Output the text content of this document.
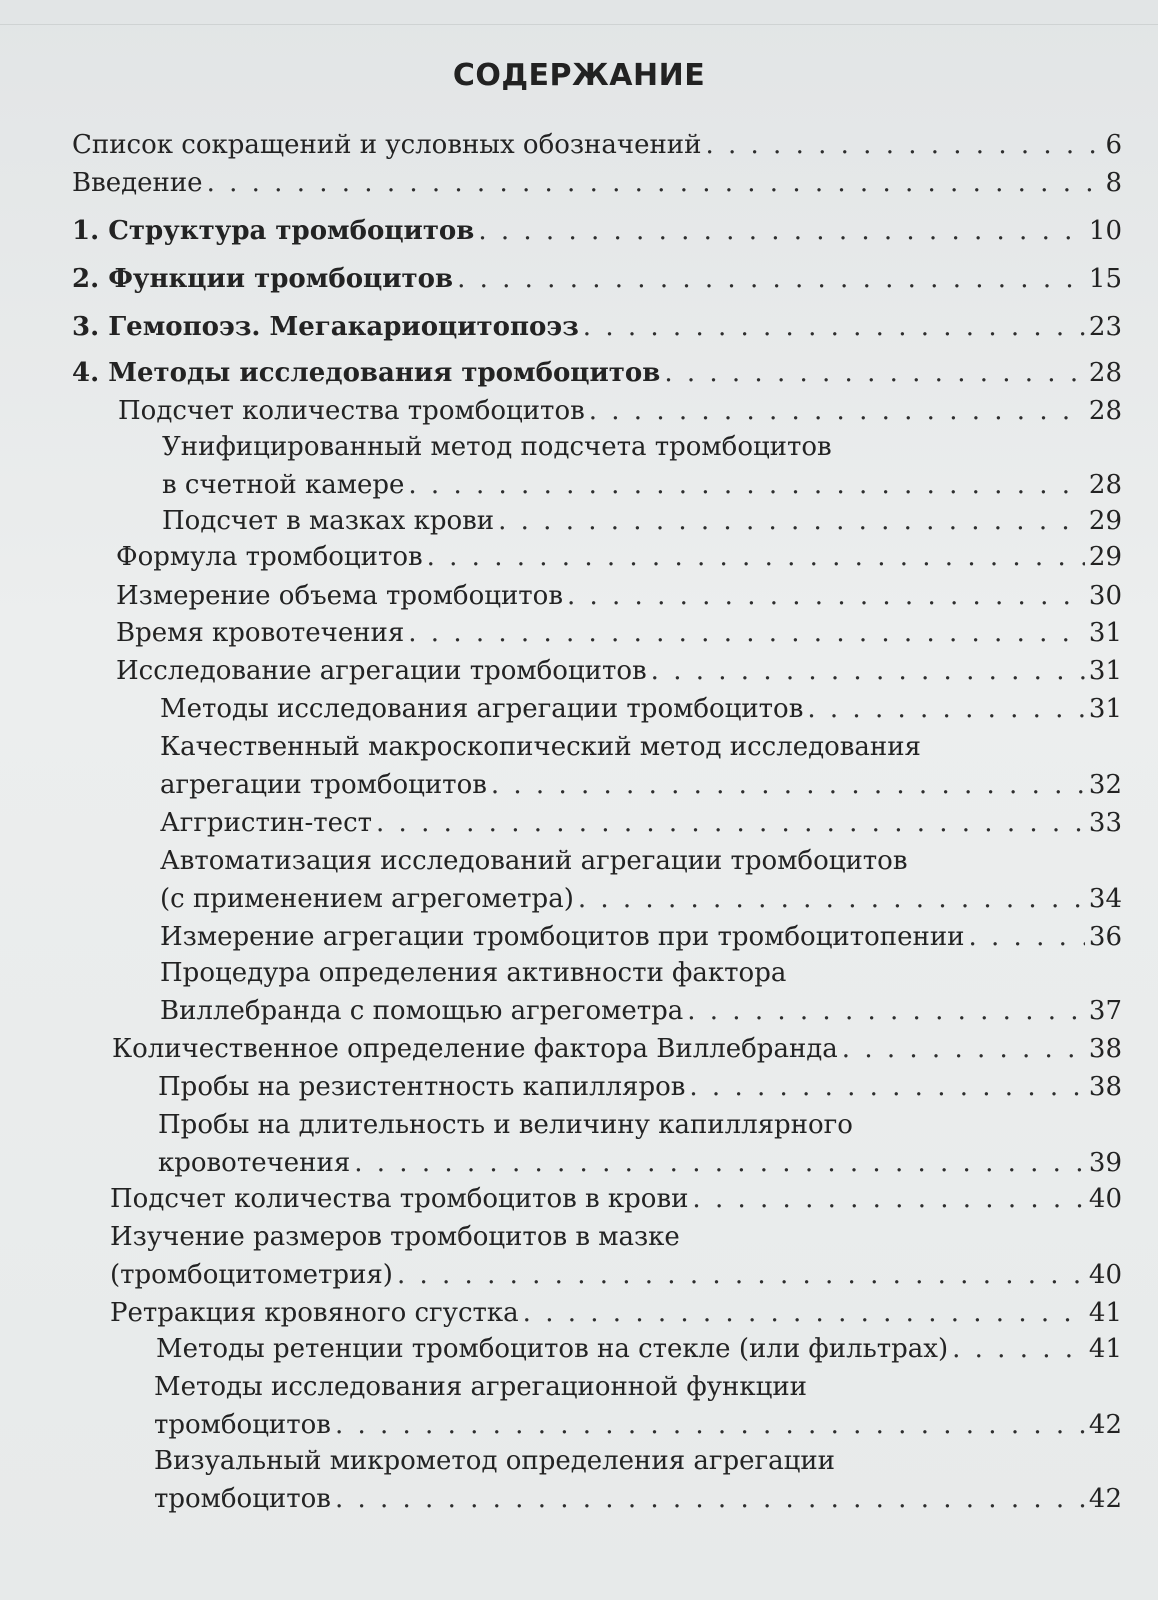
СОДЕРЖАНИЕ
Список сокращений и условных обозначений . . .	6
Введение . . .	8
1. Структура тромбоцитов . . .	10
2. Функции тромбоцитов . . .	15
3. Гемопоэз. Мегакариоцитопоэз . . .	23
4. Методы исследования тромбоцитов . . .	28
Подсчет количества тромбоцитов . . .	28
Унифицированный метод подсчета тромбоцитов
в счетной камере . . .	28
Подсчет в мазках крови . . .	29
Формула тромбоцитов . . .	29
Измерение объема тромбоцитов . . .	30
Время кровотечения . . .	31
Исследование агрегации тромбоцитов . . .	31
Методы исследования агрегации тромбоцитов . . .	31
Качественный макроскопический метод исследования
агрегации тромбоцитов . . .	32
Аггристин-тест . . .	33
Автоматизация исследований агрегации тромбоцитов
(с применением агрегометра) . . .	34
Измерение агрегации тромбоцитов при тромбоцитопении . . .	36
Процедура определения активности фактора
Виллебранда с помощью агрегометра . . .	37
Количественное определение фактора Виллебранда . . .	38
Пробы на резистентность капилляров . . .	38
Пробы на длительность и величину капиллярного
кровотечения . . .	39
Подсчет количества тромбоцитов в крови . . .	40
Изучение размеров тромбоцитов в мазке
(тромбоцитометрия) . . .	40
Ретракция кровяного сгустка . . .	41
Методы ретенции тромбоцитов на стекле (или фильтрах) . . .	41
Методы исследования агрегационной функции
тромбоцитов . . .	42
Визуальный микрометод определения агрегации
тромбоцитов . . .	42
